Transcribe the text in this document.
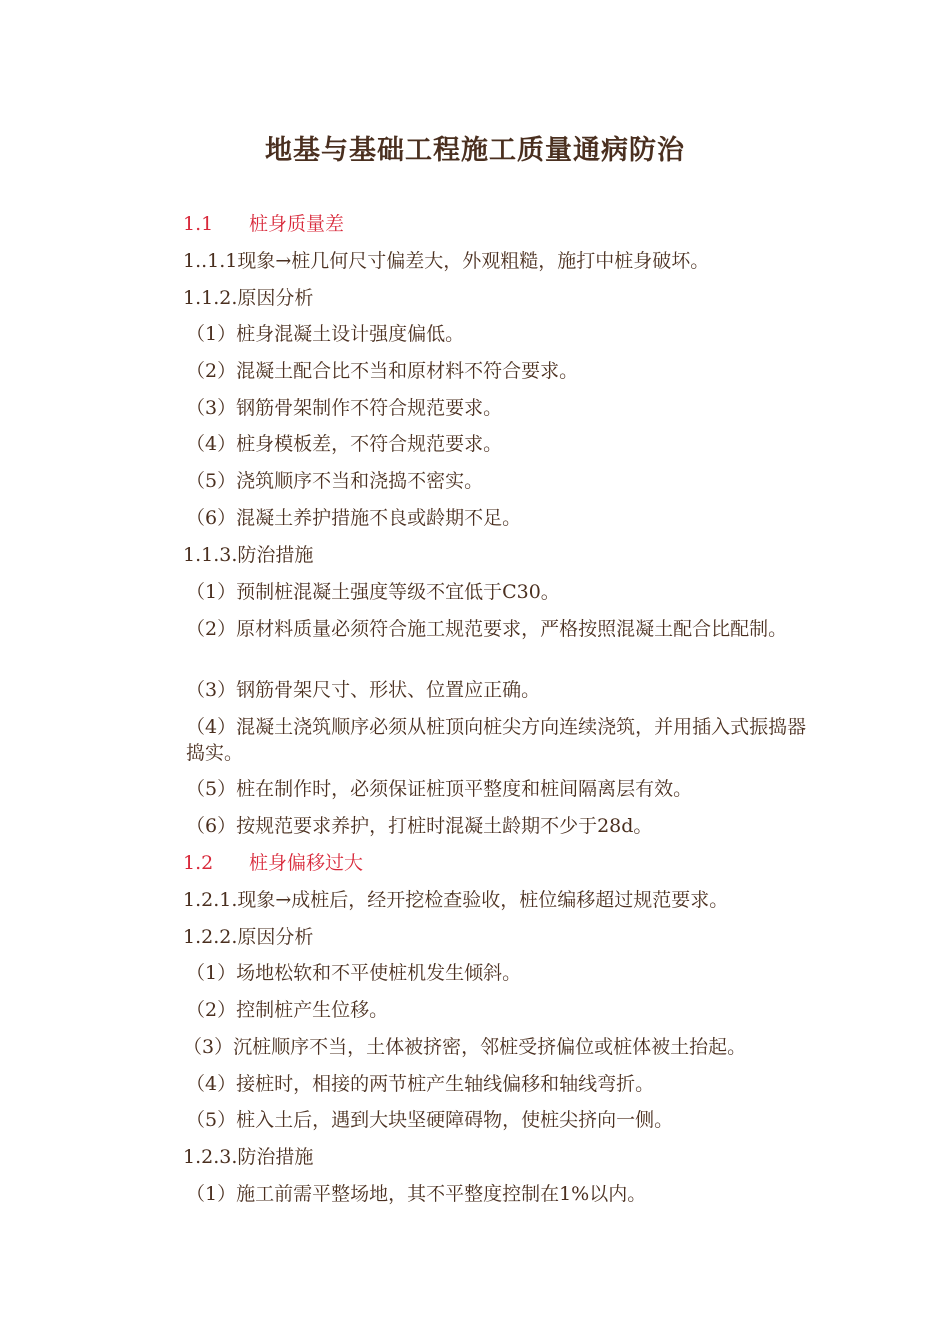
地基与基础工程施工质量通病防治
1.1 桩身质量差
1..1.1现象→桩几何尺寸偏差大，外观粗糙，施打中桩身破坏。
1.1.2.原因分析
（1）桩身混凝土设计强度偏低。
（2）混凝土配合比不当和原材料不符合要求。
（3）钢筋骨架制作不符合规范要求。
（4）桩身模板差，不符合规范要求。
（5）浇筑顺序不当和浇捣不密实。
（6）混凝土养护措施不良或龄期不足。
1.1.3.防治措施
（1）预制桩混凝土强度等级不宜低于C30。
（2）原材料质量必须符合施工规范要求，严格按照混凝土配合比配制。
（3）钢筋骨架尺寸、形状、位置应正确。
（4）混凝土浇筑顺序必须从桩顶向桩尖方向连续浇筑，并用插入式振捣器捣实。
（5）桩在制作时，必须保证桩顶平整度和桩间隔离层有效。
（6）按规范要求养护，打桩时混凝土龄期不少于28d。
1.2 桩身偏移过大
1.2.1.现象→成桩后，经开挖检查验收，桩位编移超过规范要求。
1.2.2.原因分析
（1）场地松软和不平使桩机发生倾斜。
（2）控制桩产生位移。
（3）沉桩顺序不当，土体被挤密，邻桩受挤偏位或桩体被土抬起。
（4）接桩时，相接的两节桩产生轴线偏移和轴线弯折。
（5）桩入土后，遇到大块坚硬障碍物，使桩尖挤向一侧。
1.2.3.防治措施
（1）施工前需平整场地，其不平整度控制在1%以内。
